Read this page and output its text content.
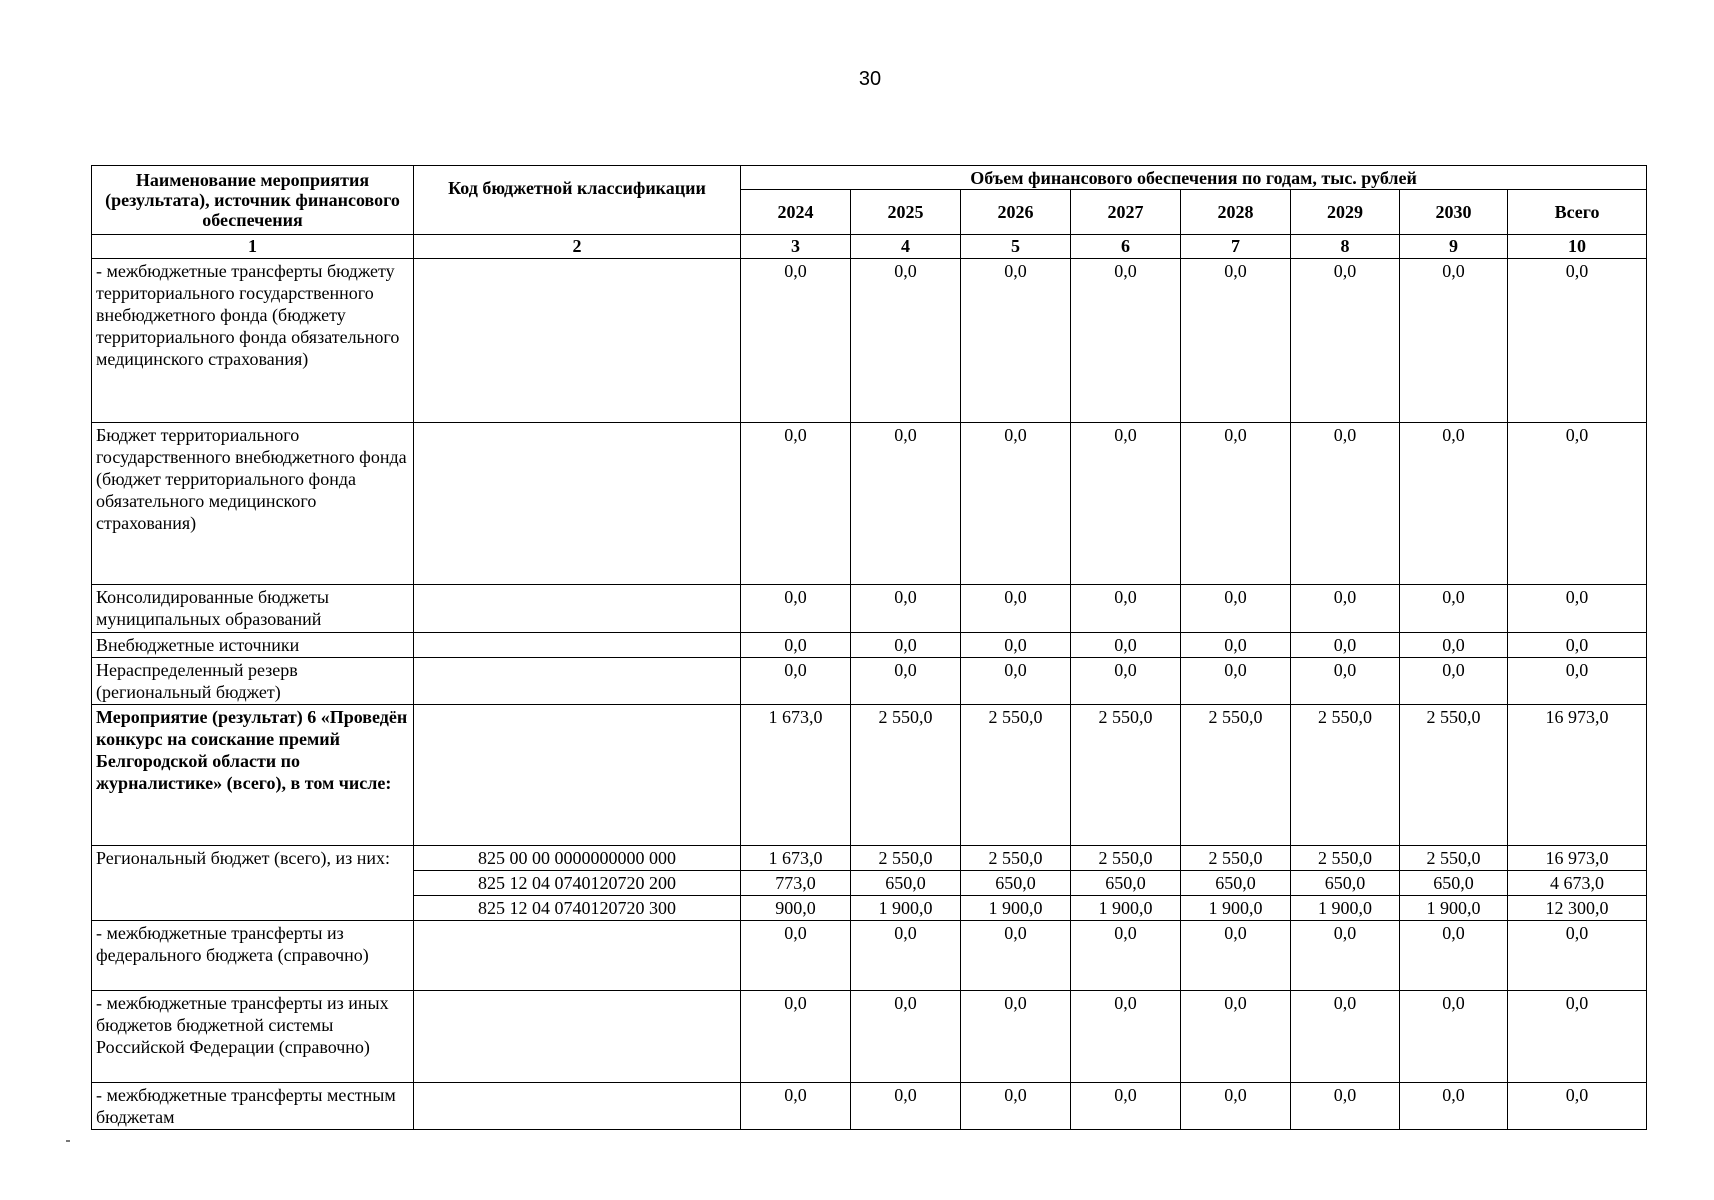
30
Наименование мероприятия (результата), источник финансового обеспечения	Код бюджетной классификации	Объем финансового обеспечения по годам, тыс. рублей							
		2024	2025	2026	2027	2028	2029	2030	Всего
1	2	3	4	5	6	7	8	9	10
- межбюджетные трансферты бюджету территориального государственного внебюджетного фонда (бюджету территориального фонда обязательного медицинского страхования)		0,0	0,0	0,0	0,0	0,0	0,0	0,0	0,0
Бюджет территориального государственного внебюджетного фонда (бюджет территориального фонда обязательного медицинского страхования)		0,0	0,0	0,0	0,0	0,0	0,0	0,0	0,0
Консолидированные бюджеты муниципальных образований		0,0	0,0	0,0	0,0	0,0	0,0	0,0	0,0
Внебюджетные источники		0,0	0,0	0,0	0,0	0,0	0,0	0,0	0,0
Нераспределенный резерв (региональный бюджет)		0,0	0,0	0,0	0,0	0,0	0,0	0,0	0,0
Мероприятие (результат) 6 «Проведён конкурс на соискание премий Белгородской области по журналистике» (всего), в том числе:		1 673,0	2 550,0	2 550,0	2 550,0	2 550,0	2 550,0	2 550,0	16 973,0
Региональный бюджет (всего), из них:	825 00 00 0000000000 000	1 673,0	2 550,0	2 550,0	2 550,0	2 550,0	2 550,0	2 550,0	16 973,0
	825 12 04 0740120720 200	773,0	650,0	650,0	650,0	650,0	650,0	650,0	4 673,0
	825 12 04 0740120720 300	900,0	1 900,0	1 900,0	1 900,0	1 900,0	1 900,0	1 900,0	12 300,0
- межбюджетные трансферты из федерального бюджета (справочно)		0,0	0,0	0,0	0,0	0,0	0,0	0,0	0,0
- межбюджетные трансферты из иных бюджетов бюджетной системы Российской Федерации (справочно)		0,0	0,0	0,0	0,0	0,0	0,0	0,0	0,0
- межбюджетные трансферты местным бюджетам		0,0	0,0	0,0	0,0	0,0	0,0	0,0	0,0
